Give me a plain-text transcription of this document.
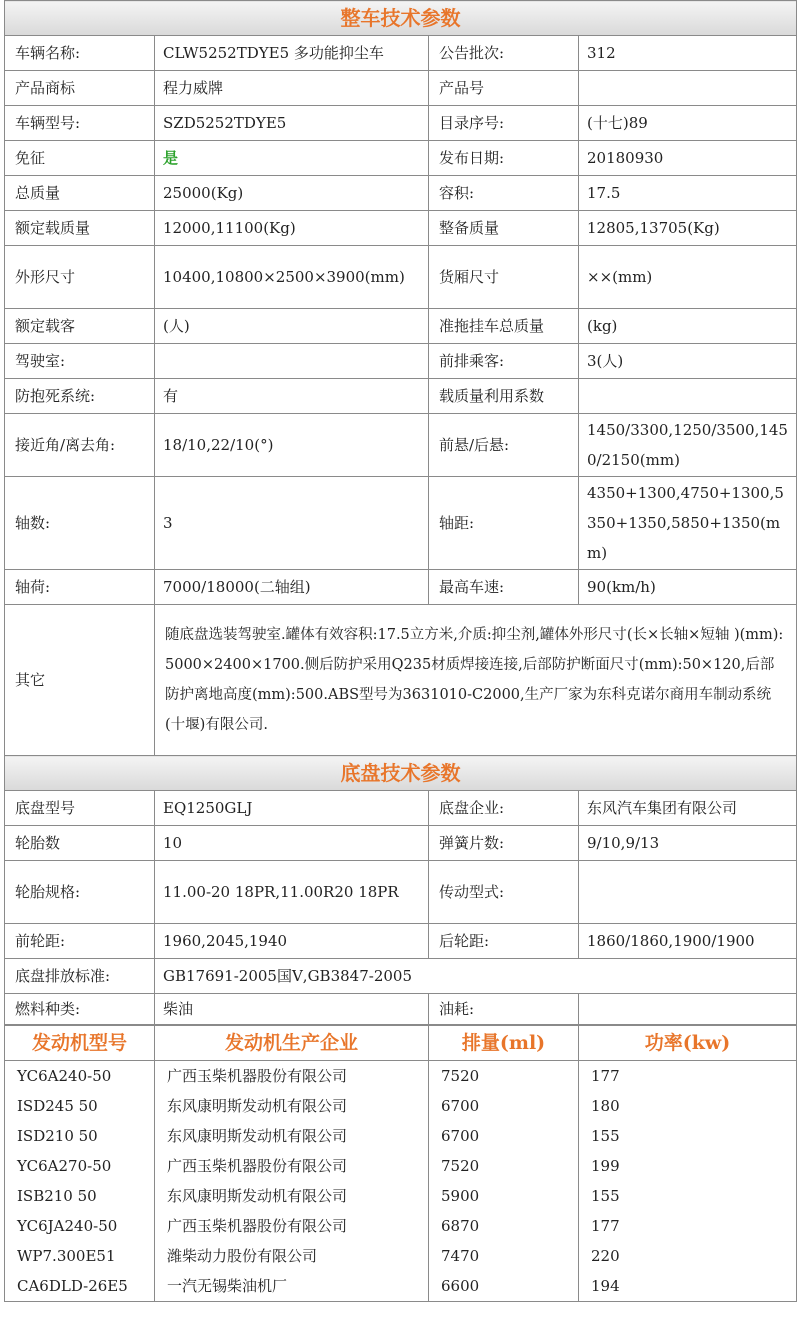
整车技术参数			
车辆名称:	CLW5252TDYE5 多功能抑尘车	公告批次:	312
产品商标	程力威牌	产品号	
车辆型号:	SZD5252TDYE5	目录序号:	(十七)89
免征	是	发布日期:	20180930
总质量	25000(Kg)	容积:	17.5
额定载质量	12000,11100(Kg)	整备质量	12805,13705(Kg)
外形尺寸	10400,10800×2500×3900(mm)	货厢尺寸	××(mm)
额定载客	(人)	准拖挂车总质量	(kg)
驾驶室:		前排乘客:	3(人)
防抱死系统:	有	载质量利用系数	
接近角/离去角:	18/10,22/10(°)	前悬/后悬:	1450/3300,1250/3500,1450/2150(mm)
轴数:	3	轴距:	4350+1300,4750+1300,5350+1350,5850+1350(mm)
轴荷:	7000/18000(二轴组)	最高车速:	90(km/h)
其它	随底盘选装驾驶室.罐体有效容积:17.5立方米,介质:抑尘剂,罐体外形尺寸(长×长轴×短轴 )(mm):5000×2400×1700.侧后防护采用Q235材质焊接连接,后部防护断面尺寸(mm):50×120,后部防护离地高度(mm):500.ABS型号为3631010-C2000,生产厂家为东科克诺尔商用车制动系统(十堰)有限公司.		
底盘技术参数			
底盘型号	EQ1250GLJ	底盘企业:	东风汽车集团有限公司
轮胎数	10	弹簧片数:	9/10,9/13
轮胎规格:	11.00-20 18PR,11.00R20 18PR	传动型式:	
前轮距:	1960,2045,1940	后轮距:	1860/1860,1900/1900
底盘排放标准:	GB17691-2005国Ⅴ,GB3847-2005		
燃料种类:	柴油	油耗:	
发动机型号	发动机生产企业	排量(ml)	功率(kw)
YC6A240-50	广西玉柴机器股份有限公司	7520	177
ISD245 50	东风康明斯发动机有限公司	6700	180
ISD210 50	东风康明斯发动机有限公司	6700	155
YC6A270-50	广西玉柴机器股份有限公司	7520	199
ISB210 50	东风康明斯发动机有限公司	5900	155
YC6JA240-50	广西玉柴机器股份有限公司	6870	177
WP7.300E51	潍柴动力股份有限公司	7470	220
CA6DLD-26E5	一汽无锡柴油机厂	6600	194
